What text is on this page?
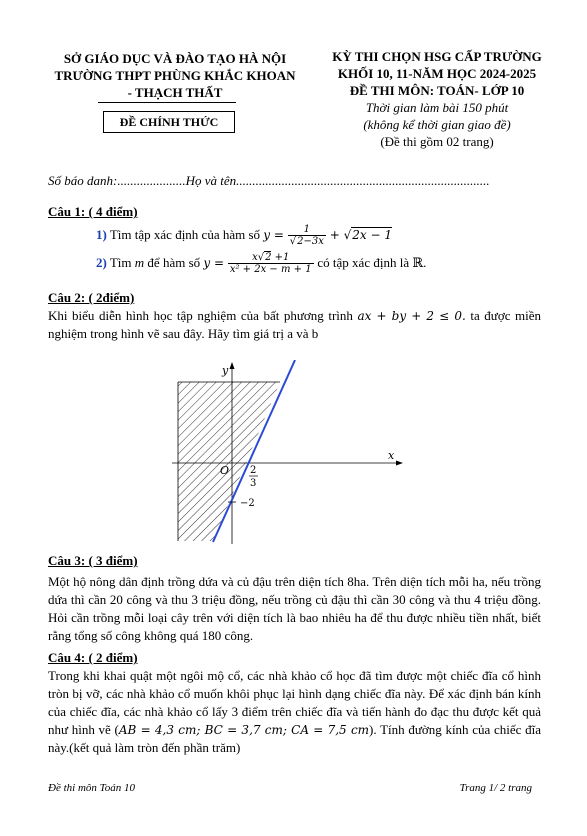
SỞ GIÁO DỤC VÀ ĐÀO TẠO HÀ NỘI
TRƯỜNG THPT PHÙNG KHẮC KHOAN
- THẠCH THẤT
ĐỀ CHÍNH THỨC
KỲ THI CHỌN HSG CẤP TRƯỜNG
KHỐI 10, 11-NĂM HỌC 2024-2025
ĐỀ THI MÔN: TOÁN- LỚP 10
Thời gian làm bài 150 phút
(không kể thời gian giao đề)
(Đề thi gồm 02 trang)
Số báo danh:.....................Họ và tên..............................................................................
Câu 1: ( 4 điểm)
1) Tìm tập xác định của hàm số $y = \frac{1}{√2-3x} + √2x - 1$
2) Tìm m để hàm số $y = \frac{x√2 +1}{\text{x² + 2x − m + 1}}$ có tập xác định là ℝ.
Câu 2: ( 2điểm)
Khi biểu diễn hình học tập nghiệm của bất phương trình ax + by + 2 ≤ 0. ta được miền nghiệm trong hình vẽ sau đây. Hãy tìm giá trị a và b
y
x
O 2
3
−2
Câu 3: ( 3 điểm)
Một hộ nông dân định trồng dứa và củ đậu trên diện tích 8ha. Trên diện tích mỗi ha, nếu trồng dứa thì cần 20 công và thu 3 triệu đồng, nếu trồng củ đậu thì cần 30 công và thu 4 triệu đồng. Hỏi cần trồng mỗi loại cây trên với diện tích là bao nhiêu ha để thu được nhiều tiền nhất, biết rằng tổng số công không quá 180 công.
Câu 4: ( 2 điểm)
Trong khi khai quật một ngôi mộ cổ, các nhà khảo cổ học đã tìm được một chiếc đĩa cổ hình tròn bị vỡ, các nhà khảo cổ muốn khôi phục lại hình dạng chiếc đĩa này. Để xác định bán kính của chiếc đĩa, các nhà khảo cổ lấy 3 điểm trên chiếc đĩa và tiến hành đo đạc thu được kết quả như hình vẽ (AB = 4,3 cm; BC = 3,7 cm; CA = 7,5 cm). Tính đường kính của chiếc đĩa này.(kết quả làm tròn đến phần trăm)
Đề thi môn Toán 10	Trang 1/ 2 trang
